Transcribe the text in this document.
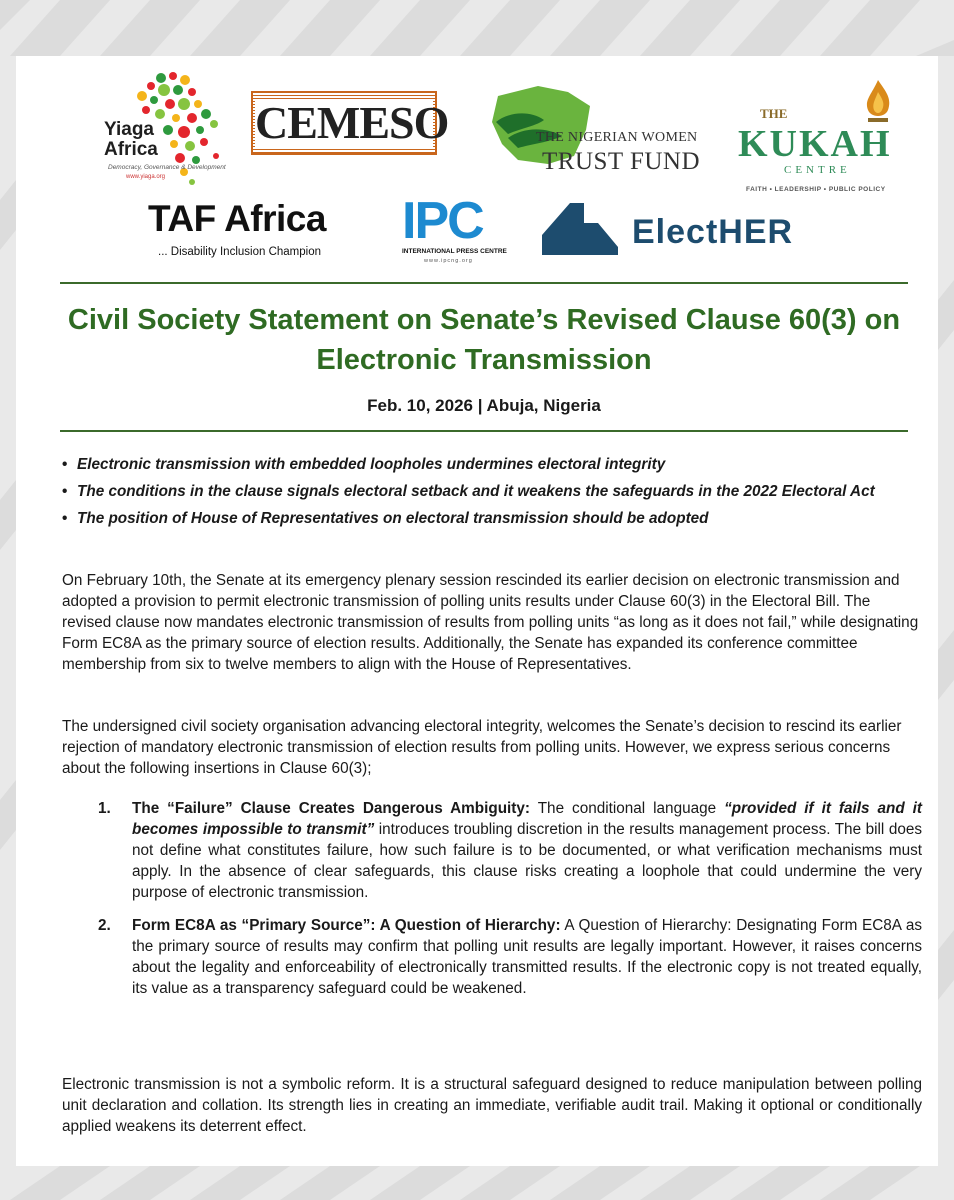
Yiaga Africa
Democracy, Governance & Development
www.yiaga.org
CEMESO	THE NIGERIAN WOMEN
TRUST FUND
THE
KUKAH
CENTRE
FAITH • LEADERSHIP • PUBLIC POLICY
TAF Africa
... Disability Inclusion Champion
IPC
INTERNATIONAL PRESS CENTRE
www.ipcng.org
ElectHER
Civil Society Statement on Senate’s Revised Clause 60(3) on Electronic Transmission
Feb. 10, 2026 | Abuja, Nigeria
• Electronic transmission with embedded loopholes undermines electoral integrity
• The conditions in the clause signals electoral setback and it weakens the safeguards in the 2022 Electoral Act
• The position of House of Representatives on electoral transmission should be adopted
On February 10th, the Senate at its emergency plenary session rescinded its earlier decision on electronic transmission and adopted a provision to permit electronic transmission of polling units results under Clause 60(3) in the Electoral Bill. The revised clause now mandates electronic transmission of results from polling units “as long as it does not fail,” while designating Form EC8A as the primary source of election results. Additionally, the Senate has expanded its conference committee membership from six to twelve members to align with the House of Representatives.
The undersigned civil society organisation advancing electoral integrity, welcomes the Senate’s decision to rescind its earlier rejection of mandatory electronic transmission of election results from polling units. However, we express serious concerns about the following insertions in Clause 60(3);
1. The “Failure” Clause Creates Dangerous Ambiguity: The conditional language “provided if it fails and it becomes impossible to transmit” introduces troubling discretion in the results management process. The bill does not define what constitutes failure, how such failure is to be documented, or what verification mechanisms must apply. In the absence of clear safeguards, this clause risks creating a loophole that could undermine the very purpose of electronic transmission.
2. Form EC8A as “Primary Source”: A Question of Hierarchy: A Question of Hierarchy: Designating Form EC8A as the primary source of results may confirm that polling unit results are legally important. However, it raises concerns about the legality and enforceability of electronically transmitted results. If the electronic copy is not treated equally, its value as a transparency safeguard could be weakened.
Electronic transmission is not a symbolic reform. It is a structural safeguard designed to reduce manipulation between polling unit declaration and collation. Its strength lies in creating an immediate, verifiable audit trail. Making it optional or conditionally applied weakens its deterrent effect.
